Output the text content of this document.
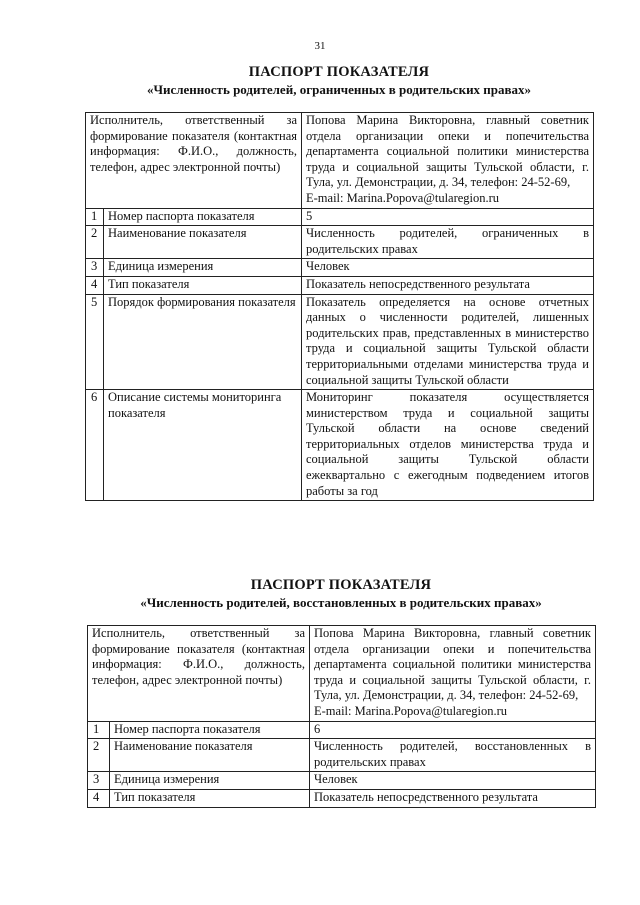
31
ПАСПОРТ ПОКАЗАТЕЛЯ
«Численность родителей, ограниченных в родительских правах»
Исполнитель, ответственный за формирование показателя (контактная информация: Ф.И.О., должность, телефон, адрес электронной почты)		Попова Марина Викторовна, главный советник отдела организации опеки и попечительства департамента социальной политики министерства труда и социальной защиты Тульской области, г. Тула, ул. Демонстрации, д. 34, телефон: 24-52-69,
E-mail: Marina.Popova@tularegion.ru

1	Номер паспорта показателя	5
2	Наименование показателя	Численность родителей, ограниченных в родительских правах
3	Единица измерения	Человек
4	Тип показателя	Показатель непосредственного результата
5	Порядок формирования показателя	Показатель определяется на основе отчетных данных о численности родителей, лишенных родительских прав, представленных в министерство труда и социальной защиты Тульской области территориальными отделами министерства труда и социальной защиты Тульской области
6	Описание системы мониторинга показателя	Мониторинг показателя осуществляется министерством труда и социальной защиты Тульской области на основе сведений территориальных отделов министерства труда и социальной защиты Тульской области ежеквартально с ежегодным подведением итогов работы за год
ПАСПОРТ ПОКАЗАТЕЛЯ
«Численность родителей, восстановленных в родительских правах»
Исполнитель, ответственный за формирование показателя (контактная информация: Ф.И.О., должность, телефон, адрес электронной почты)		Попова Марина Викторовна, главный советник отдела организации опеки и попечительства департамента социальной политики министерства труда и социальной защиты Тульской области, г. Тула, ул. Демонстрации, д. 34, телефон: 24-52-69,
E-mail: Marina.Popova@tularegion.ru

1	Номер паспорта показателя	6
2	Наименование показателя	Численность родителей, восстановленных в родительских правах
3	Единица измерения	Человек
4	Тип показателя	Показатель непосредственного результата
